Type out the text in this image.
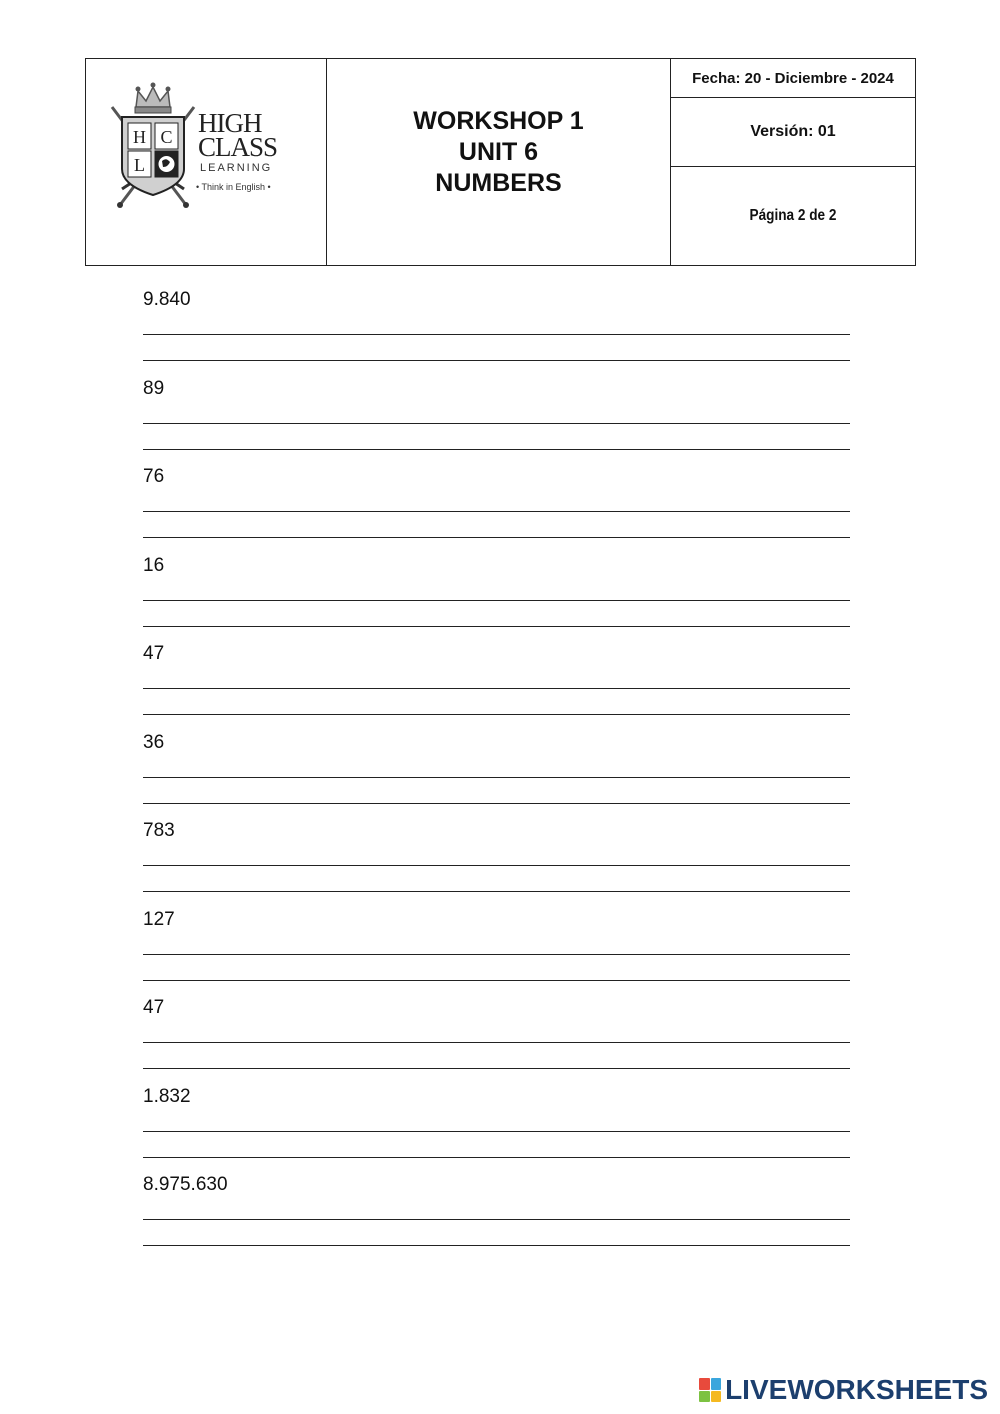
H C
L
HIGH
CLASS
LEARNING
• Think in English •
WORKSHOP 1
UNIT 6
NUMBERS
Fecha: 20 - Diciembre - 2024
Versión: 01
Página 2 de 2
9.840
89
76
16
47
36
783
127
47
1.832
8.975.630
LIVEWORKSHEETS
